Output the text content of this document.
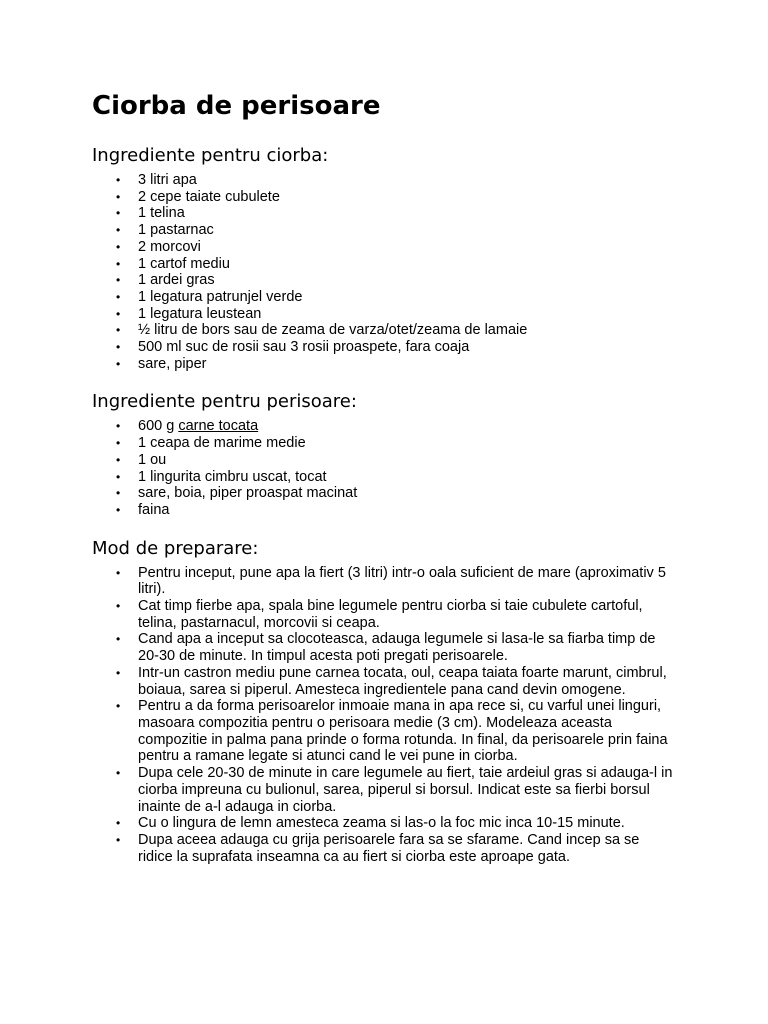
Ciorba de perisoare
Ingrediente pentru ciorba:
• 3 litri apa
• 2 cepe taiate cubulete
• 1 telina
• 1 pastarnac
• 2 morcovi
• 1 cartof mediu
• 1 ardei gras
• 1 legatura patrunjel verde
• 1 legatura leustean
• ½ litru de bors sau de zeama de varza/otet/zeama de lamaie
• 500 ml suc de rosii sau 3 rosii proaspete, fara coaja
• sare, piper
Ingrediente pentru perisoare:
• 600 g carne tocata
• 1 ceapa de marime medie
• 1 ou
• 1 lingurita cimbru uscat, tocat
• sare, boia, piper proaspat macinat
• faina
Mod de preparare:
• Pentru inceput, pune apa la fiert (3 litri) intr-o oala suficient de mare (aproximativ 5 litri).
• Cat timp fierbe apa, spala bine legumele pentru ciorba si taie cubulete cartoful, telina, pastarnacul, morcovii si ceapa.
• Cand apa a inceput sa clocoteasca, adauga legumele si lasa-le sa fiarba timp de 20-30 de minute. In timpul acesta poti pregati perisoarele.
• Intr-un castron mediu pune carnea tocata, oul, ceapa taiata foarte marunt, cimbrul, boiaua, sarea si piperul. Amesteca ingredientele pana cand devin omogene.
• Pentru a da forma perisoarelor inmoaie mana in apa rece si, cu varful unei linguri, masoara compozitia pentru o perisoara medie (3 cm). Modeleaza aceasta compozitie in palma pana prinde o forma rotunda. In final, da perisoarele prin faina pentru a ramane legate si atunci cand le vei pune in ciorba.
• Dupa cele 20-30 de minute in care legumele au fiert, taie ardeiul gras si adauga-l in ciorba impreuna cu bulionul, sarea, piperul si borsul. Indicat este sa fierbi borsul inainte de a-l adauga in ciorba.
• Cu o lingura de lemn amesteca zeama si las-o la foc mic inca 10-15 minute.
• Dupa aceea adauga cu grija perisoarele fara sa se sfarame. Cand incep sa se ridice la suprafata inseamna ca au fiert si ciorba este aproape gata.
